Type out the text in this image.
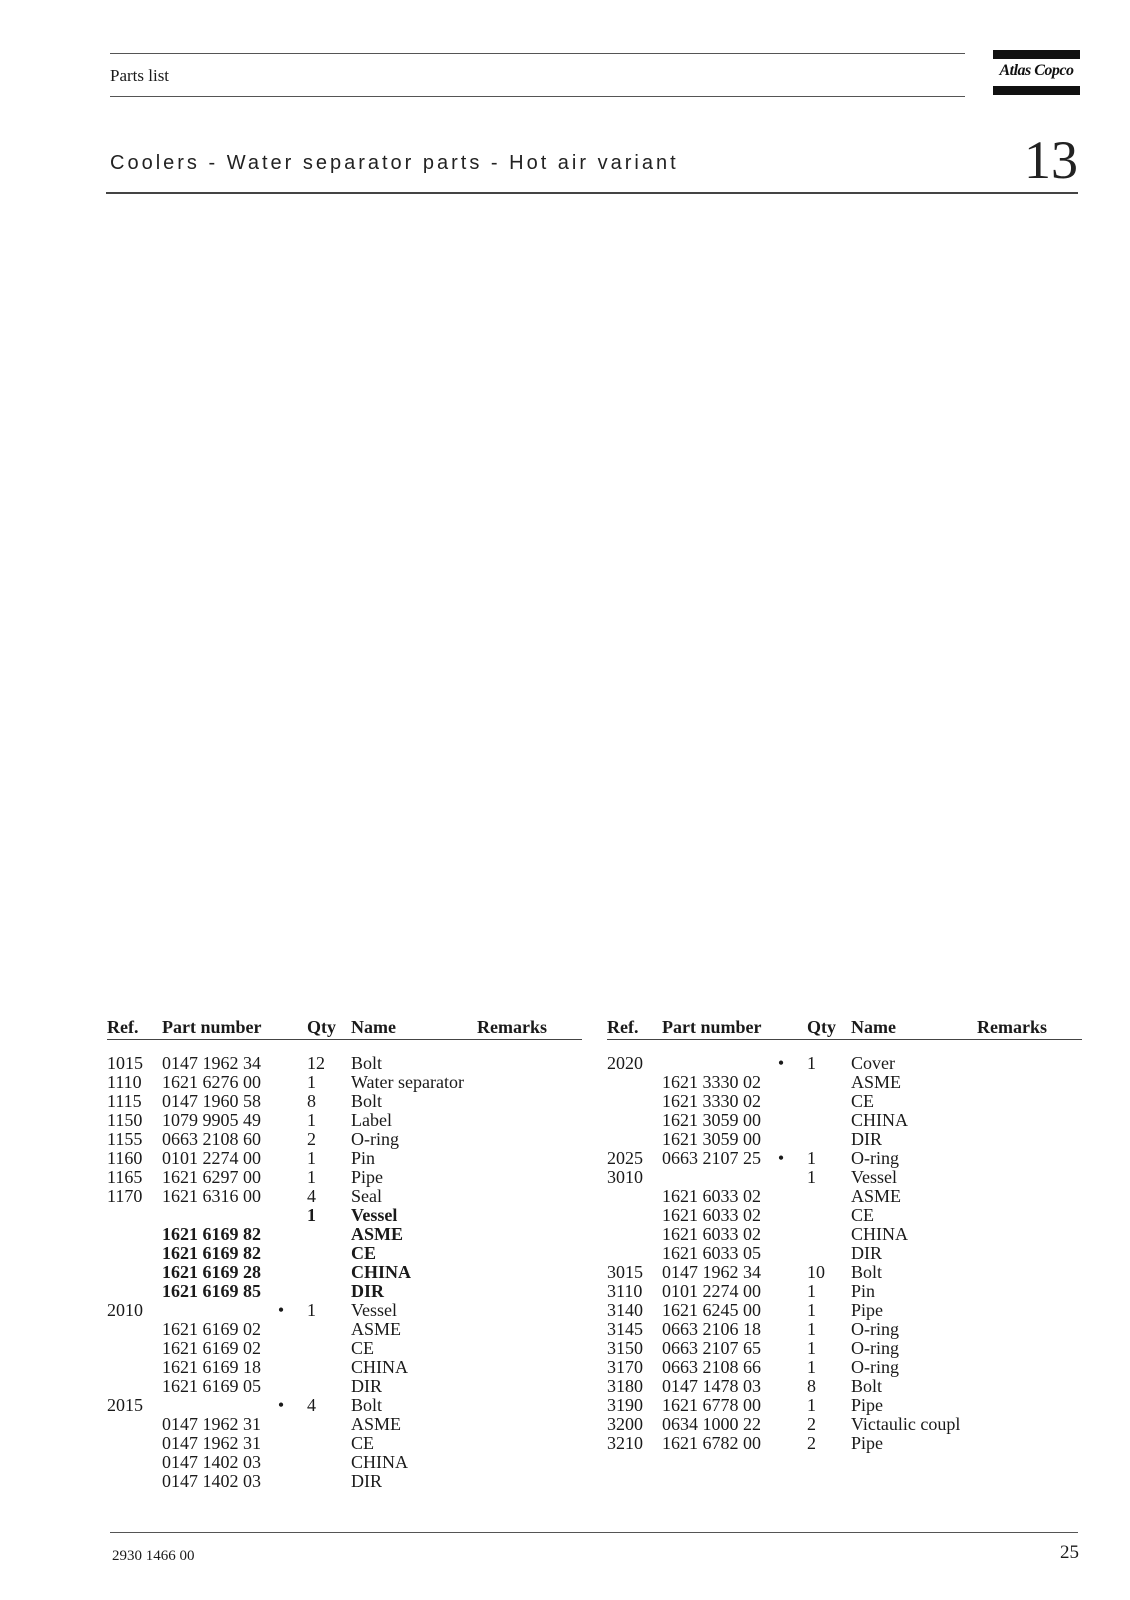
Parts list	Atlas Copco
Coolers - Water separator parts - Hot air variant	13
Ref. Part number	Qty Name	Remarks
1015 0147 1962 34	12 Bolt
1110 1621 6276 00	1 Water separator
1115 0147 1960 58	8 Bolt
1150 1079 9905 49	1 Label
1155 0663 2108 60	2 O-ring
1160 0101 2274 00	1 Pin
1165 1621 6297 00	1 Pipe
1170 1621 6316 00	4 Seal
1 Vessel
1621 6169 82	ASME
1621 6169 82	CE
1621 6169 28	CHINA
1621 6169 85	DIR
2010	• 1 Vessel
1621 6169 02	ASME
1621 6169 02	CE
1621 6169 18	CHINA
1621 6169 05	DIR
2015	• 4 Bolt
0147 1962 31	ASME
0147 1962 31	CE
0147 1402 03	CHINA
0147 1402 03	DIR
Ref. Part number	Qty Name	Remarks
2020	• 1 Cover
1621 3330 02	ASME
1621 3330 02	CE
1621 3059 00	CHINA
1621 3059 00	DIR
2025 0663 2107 25 • 1 O-ring
3010	1 Vessel
1621 6033 02	ASME
1621 6033 02	CE
1621 6033 02	CHINA
1621 6033 05	DIR
3015 0147 1962 34	10 Bolt
3110 0101 2274 00	1 Pin
3140 1621 6245 00	1 Pipe
3145 0663 2106 18	1 O-ring
3150 0663 2107 65	1 O-ring
3170 0663 2108 66	1 O-ring
3180 0147 1478 03	8 Bolt
3190 1621 6778 00	1 Pipe
3200 0634 1000 22	2 Victaulic coupl
3210 1621 6782 00	2 Pipe
2930 1466 00	25
